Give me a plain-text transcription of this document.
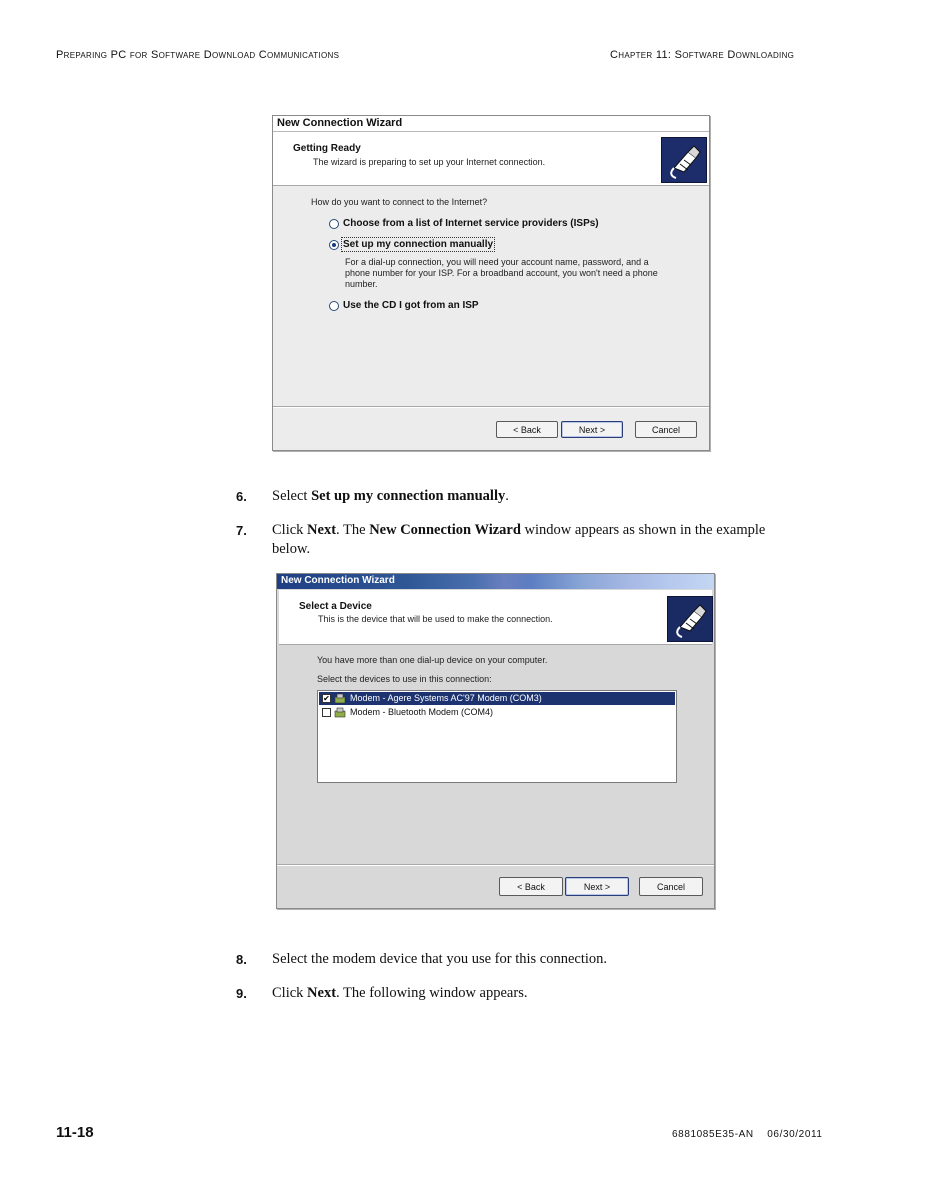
Preparing PC for Software Download Communications	Chapter 11: Software Downloading
New Connection Wizard
Getting Ready
The wizard is preparing to set up your Internet connection.
How do you want to connect to the Internet?
Choose from a list of Internet service providers (ISPs)
Set up my connection manually
For a dial-up connection, you will need your account name, password, and a
phone number for your ISP. For a broadband account, you won't need a phone
number.
Use the CD I got from an ISP
< Back	Next >	Cancel
6. Select Set up my connection manually.
7. Click Next. The New Connection Wizard window appears as shown in the example
below.
New Connection Wizard
Select a Device
This is the device that will be used to make the connection.
You have more than one dial-up device on your computer.
Select the devices to use in this connection:
✔ Modem - Agere Systems AC'97 Modem (COM3)
Modem - Bluetooth Modem (COM4)
< Back	Next >	Cancel
8. Select the modem device that you use for this connection.
9. Click Next. The following window appears.
11-18	6881085E35-AN    06/30/2011
